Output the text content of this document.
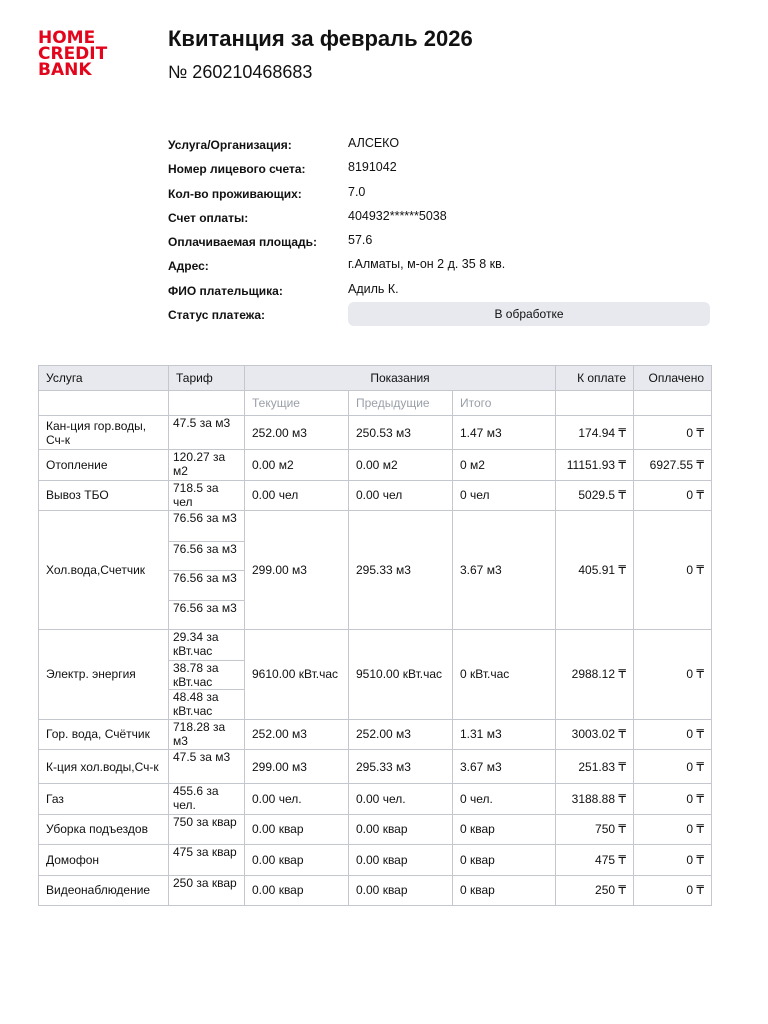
HOME
CREDIT
BANK
Квитанция за февраль 2026
№ 260210468683
Услуга/Организация:	АЛСЕКО
Номер лицевого счета:	8191042
Кол-во проживающих:	7.0
Счет оплаты:	404932******5038
Оплачиваемая площадь: 57.6
Адрес:	г.Алматы, м-он 2 д. 35 8 кв.
ФИО плательщика:	Адиль К.
Статус платежа:	В обработке
Услуга	Тариф	Показания			К оплате	Оплачено
		Текущие	Предыдущие	Итого		
Кан-ция гор.воды, Сч-к	47.5 за м3	252.00 м3	250.53 м3	1.47 м3	174.94 ₸	0 ₸
Отопление	120.27 за м2	0.00 м2	0.00 м2	0 м2	11151.93 ₸	6927.55 ₸
Вывоз ТБО	718.5 за чел	0.00 чел	0.00 чел	0 чел	5029.5 ₸	0 ₸
Хол.вода,Счетчик	76.56 за м3
76.56 за м3
76.56 за м3
76.56 за м3	299.00 м3	295.33 м3	3.67 м3	405.91 ₸	0 ₸
Электр. энергия	29.34 за кВт.час
38.78 за кВт.час
48.48 за кВт.час	9610.00 кВт.час	9510.00 кВт.час	0 кВт.час	2988.12 ₸	0 ₸
Гор. вода, Счётчик	718.28 за м3	252.00 м3	252.00 м3	1.31 м3	3003.02 ₸	0 ₸
К-ция хол.воды,Сч-к	47.5 за м3	299.00 м3	295.33 м3	3.67 м3	251.83 ₸	0 ₸
Газ	455.6 за чел.	0.00 чел.	0.00 чел.	0 чел.	3188.88 ₸	0 ₸
Уборка подъездов	750 за квар	0.00 квар	0.00 квар	0 квар	750 ₸	0 ₸
Домофон	475 за квар	0.00 квар	0.00 квар	0 квар	475 ₸	0 ₸
Видеонаблюдение	250 за квар	0.00 квар	0.00 квар	0 квар	250 ₸	0 ₸
